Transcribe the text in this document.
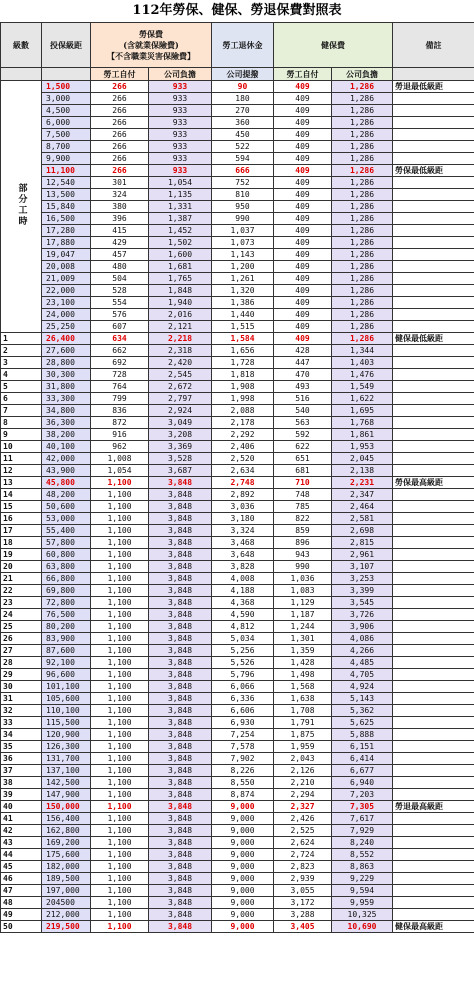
112年勞保、健保、勞退保費對照表
級數	投保級距	勞保費
(含就業保險費)
【不含職業災害保險費】		勞工退休金	健保費		備註
		勞工自付	公司負擔	公司提撥	勞工自付	公司負擔	
部分工時	1,500	266	933	90	409	1,286	勞退最低級距
	3,000	266	933	180	409	1,286	
	4,500	266	933	270	409	1,286	
	6,000	266	933	360	409	1,286	
	7,500	266	933	450	409	1,286	
	8,700	266	933	522	409	1,286	
	9,900	266	933	594	409	1,286	
	11,100	266	933	666	409	1,286	勞保最低級距
	12,540	301	1,054	752	409	1,286	
	13,500	324	1,135	810	409	1,286	
	15,840	380	1,331	950	409	1,286	
	16,500	396	1,387	990	409	1,286	
	17,280	415	1,452	1,037	409	1,286	
	17,880	429	1,502	1,073	409	1,286	
	19,047	457	1,600	1,143	409	1,286	
	20,008	480	1,681	1,200	409	1,286	
	21,009	504	1,765	1,261	409	1,286	
	22,000	528	1,848	1,320	409	1,286	
	23,100	554	1,940	1,386	409	1,286	
	24,000	576	2,016	1,440	409	1,286	
	25,250	607	2,121	1,515	409	1,286	
1	26,400	634	2,218	1,584	409	1,286	健保最低級距
2	27,600	662	2,318	1,656	428	1,344	
3	28,800	692	2,420	1,728	447	1,403	
4	30,300	728	2,545	1,818	470	1,476	
5	31,800	764	2,672	1,908	493	1,549	
6	33,300	799	2,797	1,998	516	1,622	
7	34,800	836	2,924	2,088	540	1,695	
8	36,300	872	3,049	2,178	563	1,768	
9	38,200	916	3,208	2,292	592	1,861	
10	40,100	962	3,369	2,406	622	1,953	
11	42,000	1,008	3,528	2,520	651	2,045	
12	43,900	1,054	3,687	2,634	681	2,138	
13	45,800	1,100	3,848	2,748	710	2,231	勞保最高級距
14	48,200	1,100	3,848	2,892	748	2,347	
15	50,600	1,100	3,848	3,036	785	2,464	
16	53,000	1,100	3,848	3,180	822	2,581	
17	55,400	1,100	3,848	3,324	859	2,698	
18	57,800	1,100	3,848	3,468	896	2,815	
19	60,800	1,100	3,848	3,648	943	2,961	
20	63,800	1,100	3,848	3,828	990	3,107	
21	66,800	1,100	3,848	4,008	1,036	3,253	
22	69,800	1,100	3,848	4,188	1,083	3,399	
23	72,800	1,100	3,848	4,368	1,129	3,545	
24	76,500	1,100	3,848	4,590	1,187	3,726	
25	80,200	1,100	3,848	4,812	1,244	3,906	
26	83,900	1,100	3,848	5,034	1,301	4,086	
27	87,600	1,100	3,848	5,256	1,359	4,266	
28	92,100	1,100	3,848	5,526	1,428	4,485	
29	96,600	1,100	3,848	5,796	1,498	4,705	
30	101,100	1,100	3,848	6,066	1,568	4,924	
31	105,600	1,100	3,848	6,336	1,638	5,143	
32	110,100	1,100	3,848	6,606	1,708	5,362	
33	115,500	1,100	3,848	6,930	1,791	5,625	
34	120,900	1,100	3,848	7,254	1,875	5,888	
35	126,300	1,100	3,848	7,578	1,959	6,151	
36	131,700	1,100	3,848	7,902	2,043	6,414	
37	137,100	1,100	3,848	8,226	2,126	6,677	
38	142,500	1,100	3,848	8,550	2,210	6,940	
39	147,900	1,100	3,848	8,874	2,294	7,203	
40	150,000	1,100	3,848	9,000	2,327	7,305	勞退最高級距
41	156,400	1,100	3,848	9,000	2,426	7,617	
42	162,800	1,100	3,848	9,000	2,525	7,929	
43	169,200	1,100	3,848	9,000	2,624	8,240	
44	175,600	1,100	3,848	9,000	2,724	8,552	
45	182,000	1,100	3,848	9,000	2,823	8,863	
46	189,500	1,100	3,848	9,000	2,939	9,229	
47	197,000	1,100	3,848	9,000	3,055	9,594	
48	204500	1,100	3,848	9,000	3,172	9,959	
49	212,000	1,100	3,848	9,000	3,288	10,325	
50	219,500	1,100	3,848	9,000	3,405	10,690	健保最高級距
